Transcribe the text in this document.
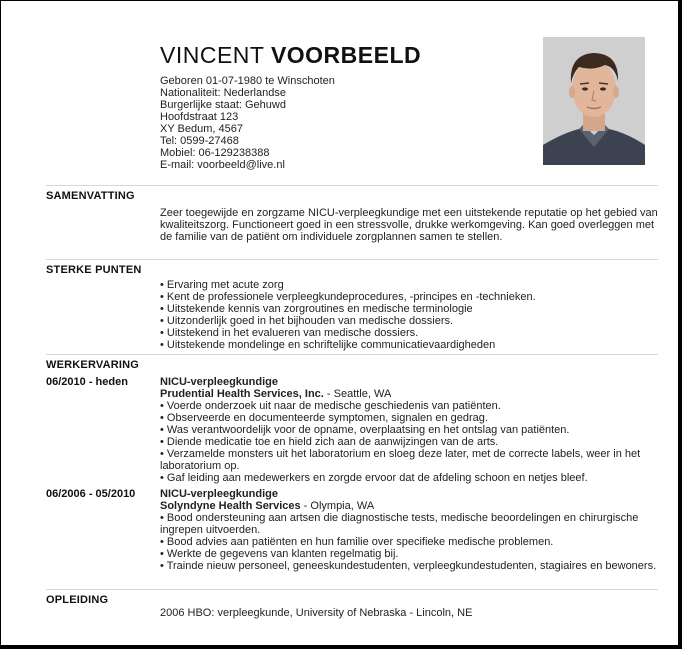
VINCENT VOORBEELD
Geboren 01-07-1980 te Winschoten
Nationaliteit: Nederlandse
Burgerlijke staat: Gehuwd
Hoofdstraat 123
XY Bedum, 4567
Tel: 0599-27468
Mobiel: 06-129238388
E-mail: voorbeeld@live.nl
SAMENVATTING

Zeer toegewijde en zorgzame NICU-verpleegkundige met een uitstekende reputatie op het gebied van kwaliteitszorg. Functioneert goed in een stressvolle, drukke werkomgeving. Kan goed overleggen met de familie van de patiënt om individuele zorgplannen samen te stellen.

STERKE PUNTEN
• Ervaring met acute zorg
• Kent de professionele verpleegkundeprocedures, -principes en -technieken.
• Uitstekende kennis van zorgroutines en medische terminologie
• Uitzonderlijk goed in het bijhouden van medische dossiers.
• Uitstekend in het evalueren van medische dossiers.
• Uitstekende mondelinge en schriftelijke communicatievaardigheden
WERKERVARING
06/2010 - heden	NICU-verpleegkundige
Prudential Health Services, Inc. - Seattle, WA
• Voerde onderzoek uit naar de medische geschiedenis van patiënten.
• Observeerde en documenteerde symptomen, signalen en gedrag.
• Was verantwoordelijk voor de opname, overplaatsing en het ontslag van patiënten.
• Diende medicatie toe en hield zich aan de aanwijzingen van de arts.
• Verzamelde monsters uit het laboratorium en sloeg deze later, met de correcte labels, weer in het laboratorium op.
• Gaf leiding aan medewerkers en zorgde ervoor dat de afdeling schoon en netjes bleef.
06/2006 - 05/2010 NICU-verpleegkundige
Solyndyne Health Services - Olympia, WA
• Bood ondersteuning aan artsen die diagnostische tests, medische beoordelingen en chirurgische ingrepen uitvoerden.
• Bood advies aan patiënten en hun familie over specifieke medische problemen.
• Werkte de gegevens van klanten regelmatig bij.
• Trainde nieuw personeel, geneeskundestudenten, verpleegkundestudenten, stagiaires en bewoners.
OPLEIDING

2006 HBO: verpleegkunde, University of Nebraska - Lincoln, NE
